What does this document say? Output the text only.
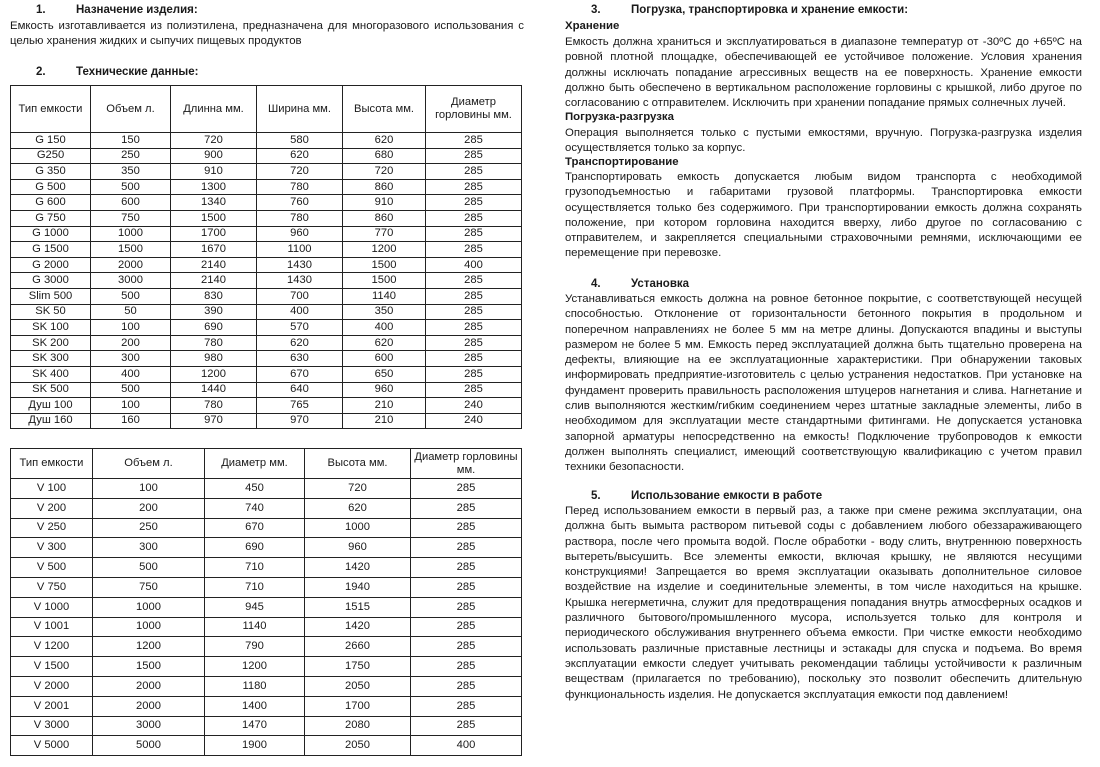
1.	Назначение изделия:
Емкость изготавливается из полиэтилена, предназначена для многоразового использования с целью хранения жидких и сыпучих пищевых продуктов
2.	Технические данные:
Тип емкости	Объем л.	Длинна мм.	Ширина мм.	Высота мм.	Диаметр горловины мм.
G 150	150	720	580	620	285
G250	250	900	620	680	285
G 350	350	910	720	720	285
G 500	500	1300	780	860	285
G 600	600	1340	760	910	285
G 750	750	1500	780	860	285
G 1000	1000	1700	960	770	285
G 1500	1500	1670	1100	1200	285
G 2000	2000	2140	1430	1500	400
G 3000	3000	2140	1430	1500	285
Slim 500	500	830	700	1140	285
SK 50	50	390	400	350	285
SK 100	100	690	570	400	285
SK 200	200	780	620	620	285
SK 300	300	980	630	600	285
SK 400	400	1200	670	650	285
SK 500	500	1440	640	960	285
Душ 100	100	780	765	210	240
Душ 160	160	970	970	210	240
Тип емкости	Объем л.	Диаметр мм.	Высота мм.	Диаметр горловины мм.
V 100	100	450	720	285
V 200	200	740	620	285
V 250	250	670	1000	285
V 300	300	690	960	285
V 500	500	710	1420	285
V 750	750	710	1940	285
V 1000	1000	945	1515	285
V 1001	1000	1140	1420	285
V 1200	1200	790	2660	285
V 1500	1500	1200	1750	285
V 2000	2000	1180	2050	285
V 2001	2000	1400	1700	285
V 3000	3000	1470	2080	285
V 5000	5000	1900	2050	400
3.	Погрузка, транспортировка и хранение емкости:
Хранение
Емкость должна храниться и эксплуатироваться в диапазоне температур от -30ºС до +65ºС на ровной плотной площадке, обеспечивающей ее устойчивое положение. Условия хранения должны исключать попадание агрессивных веществ на ее поверхность. Хранение емкости должно быть обеспечено в вертикальном расположение горловины с крышкой, либо другое по согласованию с отправителем. Исключить при хранении попадание прямых солнечных лучей.
Погрузка-разгрузка
Операция выполняется только с пустыми емкостями, вручную. Погрузка-разгрузка изделия осуществляется только за корпус.
Транспортирование
Транспортировать емкость допускается любым видом транспорта с необходимой грузоподъемностью и габаритами грузовой платформы. Транспортировка емкости осуществляется только без содержимого. При транспортировании емкость должна сохранять положение, при котором горловина находится вверху, либо другое по согласованию с отправителем, и закрепляется специальными страховочными ремнями, исключающими ее перемещение при перевозке.
4.	Установка
Устанавливаться емкость должна на ровное бетонное покрытие, с соответствующей несущей способностью. Отклонение от горизонтальности бетонного покрытия в продольном и поперечном направлениях не более 5 мм на метре длины. Допускаются впадины и выступы размером не более 5 мм. Емкость перед эксплуатацией должна быть тщательно проверена на дефекты, влияющие на ее эксплуатационные характеристики. При обнаружении таковых информировать предприятие-изготовитель с целью устранения недостатков. При установке на фундамент проверить правильность расположения штуцеров нагнетания и слива. Нагнетание и слив выполняются жестким/гибким соединением через штатные закладные элементы, либо в необходимом для эксплуатации месте стандартными фитингами. Не допускается установка запорной арматуры непосредственно на емкость! Подключение трубопроводов к емкости должен выполнять специалист, имеющий соответствующую квалификацию с учетом правил техники безопасности.
5.	Использование емкости в работе
Перед использованием емкости в первый раз, а также при смене режима эксплуатации, она должна быть вымыта раствором питьевой соды с добавлением любого обеззараживающего раствора, после чего промыта водой. После обработки - воду слить, внутреннюю поверхность вытереть/высушить. Все элементы емкости, включая крышку, не являются несущими конструкциями! Запрещается во время эксплуатации оказывать дополнительное силовое воздействие на изделие и соединительные элементы, в том числе находиться на крышке. Крышка негерметична, служит для предотвращения попадания внутрь атмосферных осадков и различного бытового/промышленного мусора, используется только для контроля и периодического обслуживания внутреннего объема емкости. При чистке емкости необходимо использовать различные приставные лестницы и эстакады для спуска и подъема. Во время эксплуатации емкости следует учитывать рекомендации таблицы устойчивости к различным веществам (прилагается по требованию), поскольку это позволит обеспечить длительную функциональность изделия. Не допускается эксплуатация емкости под давлением!
